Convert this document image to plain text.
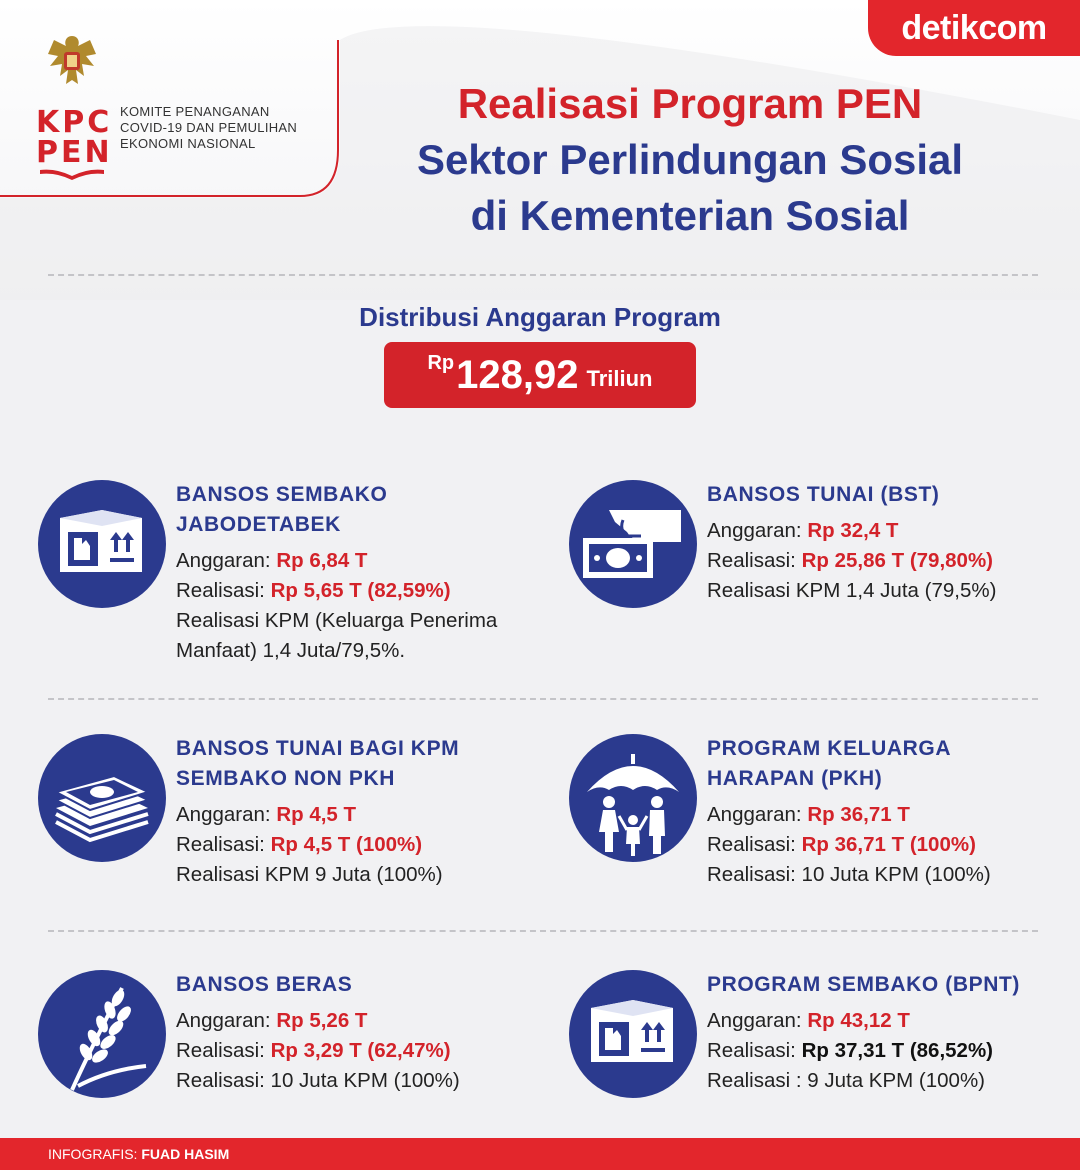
KPC
PEN
KOMITE PENANGANAN
COVID-19 DAN PEMULIHAN
EKONOMI NASIONAL
detikcom
Realisasi Program PEN
Sektor Perlindungan Sosial
di Kementerian Sosial
Distribusi Anggaran Program
Rp 128,92 Triliun
BANSOS SEMBAKO
JABODETABEK
Anggaran: Rp 6,84 T
Realisasi: Rp 5,65 T (82,59%)
Realisasi KPM (Keluarga Penerima
Manfaat) 1,4 Juta/79,5%.
BANSOS TUNAI (BST)
Anggaran: Rp 32,4 T
Realisasi: Rp 25,86 T (79,80%)
Realisasi KPM 1,4 Juta (79,5%)
BANSOS TUNAI BAGI KPM
SEMBAKO NON PKH
Anggaran: Rp 4,5 T
Realisasi: Rp 4,5 T (100%)
Realisasi KPM 9 Juta (100%)
PROGRAM KELUARGA
HARAPAN (PKH)
Anggaran: Rp 36,71 T
Realisasi: Rp 36,71 T (100%)
Realisasi: 10 Juta KPM (100%)
BANSOS BERAS
Anggaran: Rp 5,26 T
Realisasi: Rp 3,29 T (62,47%)
Realisasi: 10 Juta KPM (100%)
PROGRAM SEMBAKO (BPNT)
Anggaran: Rp 43,12 T
Realisasi: Rp 37,31 T (86,52%)
Realisasi : 9 Juta KPM (100%)
INFOGRAFIS: FUAD HASIM
